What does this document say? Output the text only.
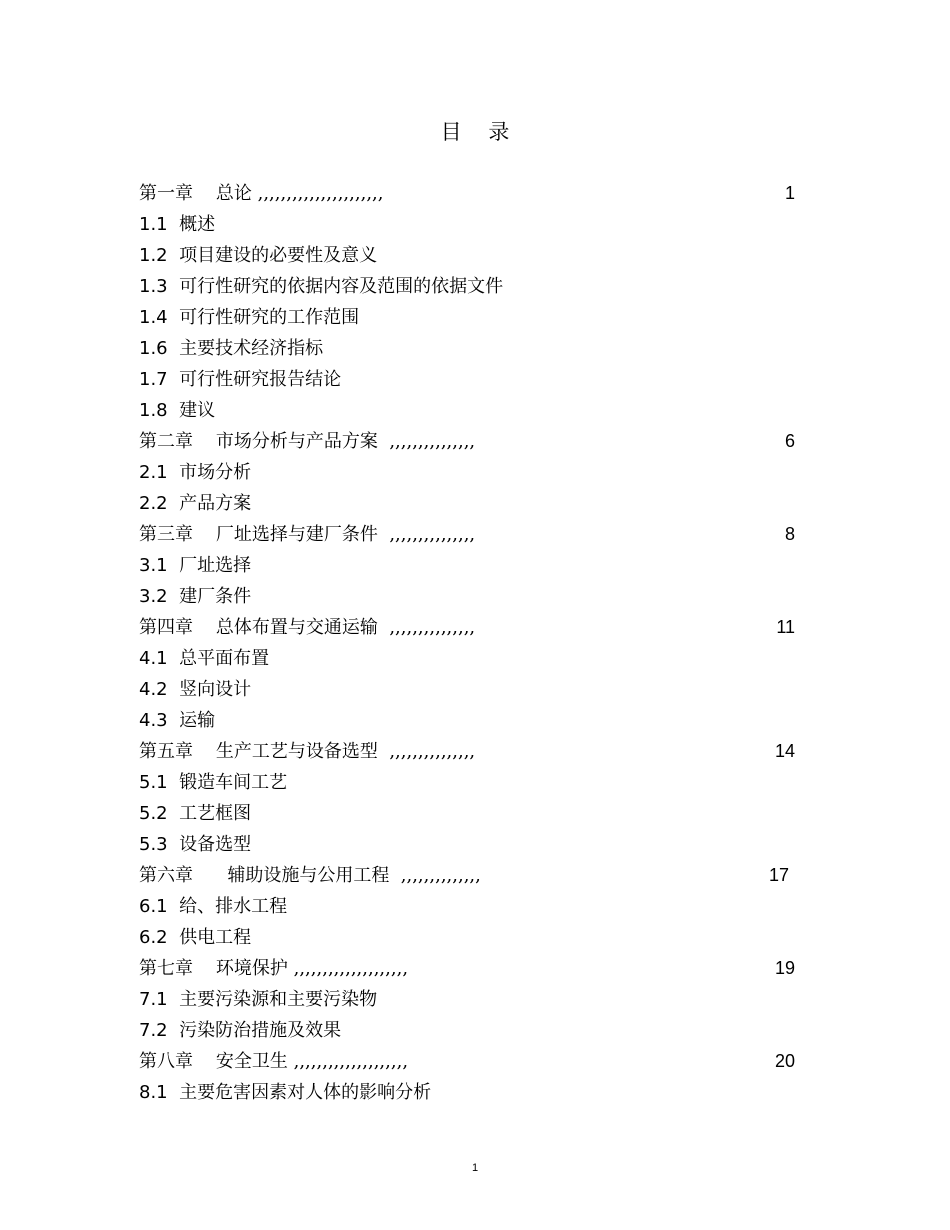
目    录
第一章    总论 ,,,,,,,,,,,,,,,,,,,,,,	1
1.1  概述
1.2  项目建设的必要性及意义
1.3  可行性研究的依据内容及范围的依据文件
1.4  可行性研究的工作范围
1.6  主要技术经济指标
1.7  可行性研究报告结论
1.8  建议
第二章    市场分析与产品方案  ,,,,,,,,,,,,,,,	6
2.1  市场分析
2.2  产品方案
第三章    厂址选择与建厂条件  ,,,,,,,,,,,,,,,	8
3.1  厂址选择
3.2  建厂条件
第四章    总体布置与交通运输  ,,,,,,,,,,,,,,,	11
4.1  总平面布置
4.2  竖向设计
4.3  运输
第五章    生产工艺与设备选型  ,,,,,,,,,,,,,,,	14
5.1  锻造车间工艺
5.2  工艺框图
5.3  设备选型
第六章      辅助设施与公用工程  ,,,,,,,,,,,,,,	17
6.1  给、排水工程
6.2  供电工程
第七章    环境保护 ,,,,,,,,,,,,,,,,,,,,	19
7.1  主要污染源和主要污染物
7.2  污染防治措施及效果
第八章    安全卫生 ,,,,,,,,,,,,,,,,,,,,	20
8.1  主要危害因素对人体的影响分析
1
